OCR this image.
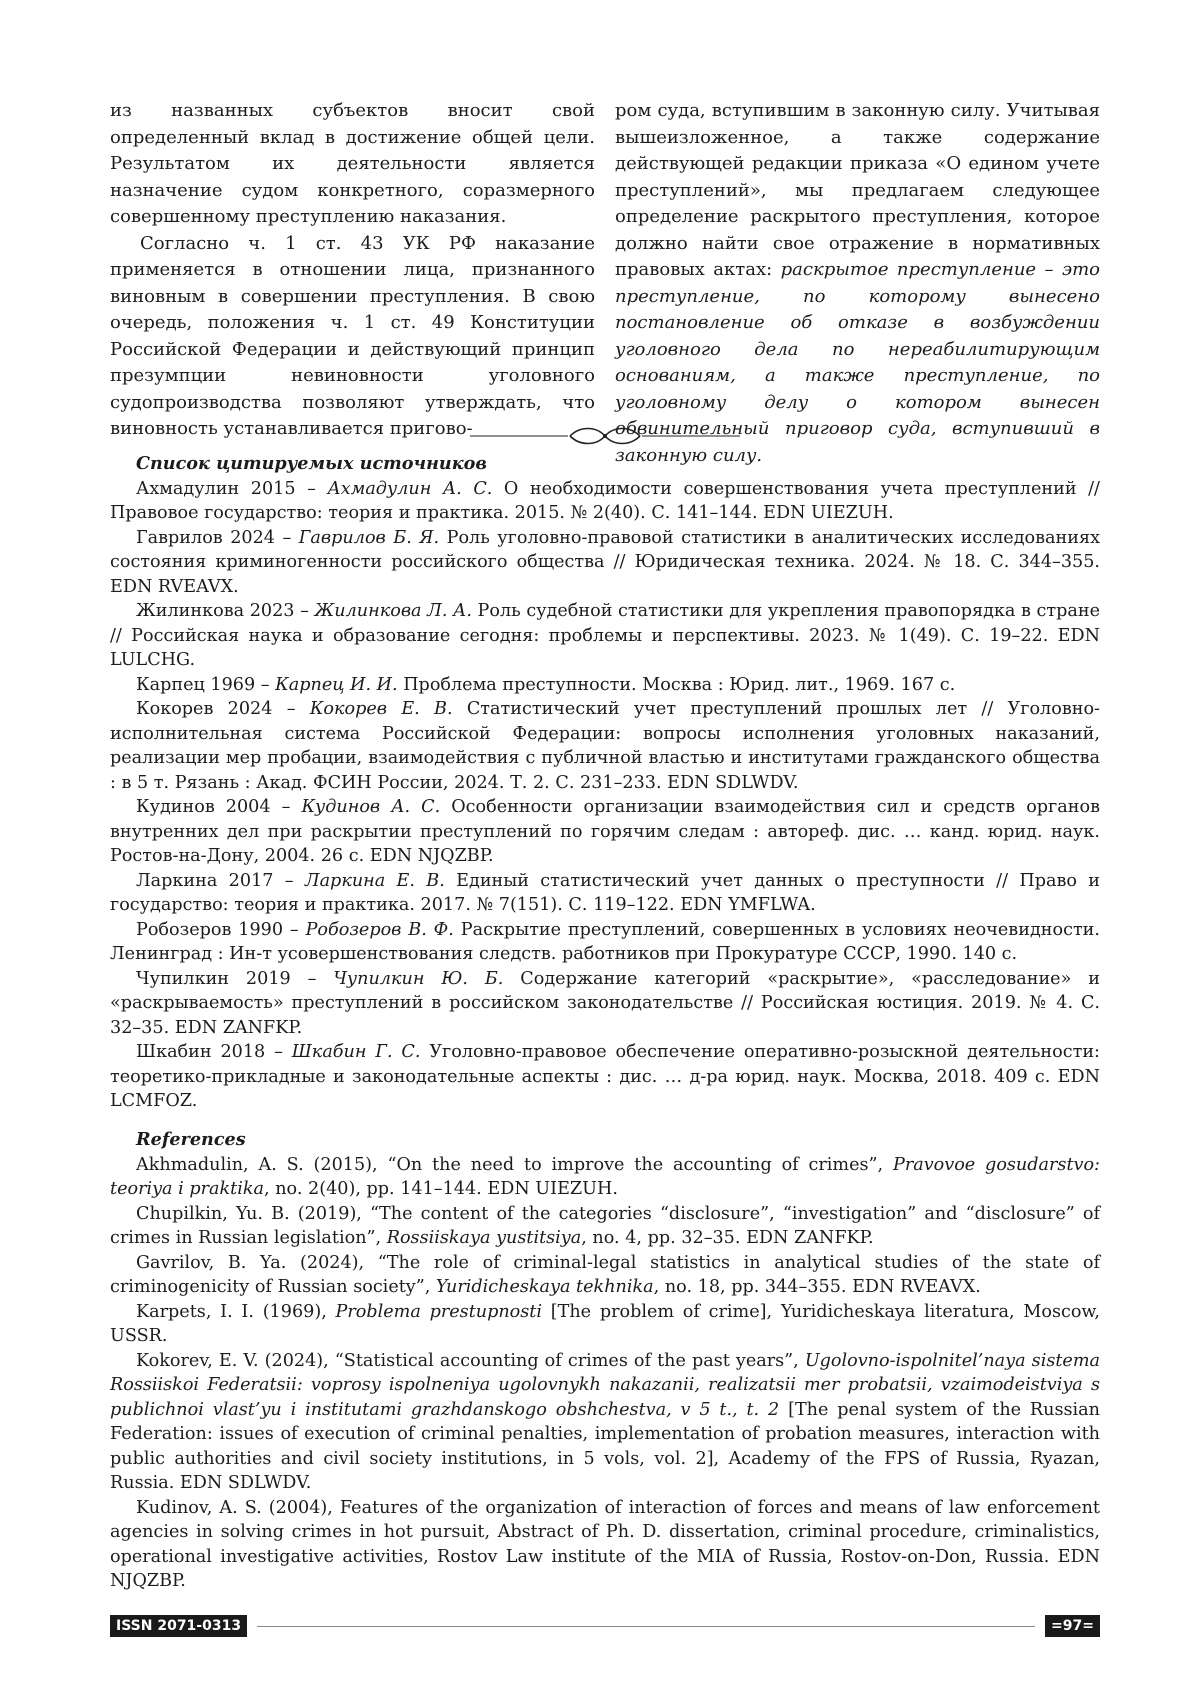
из названных субъектов вносит свой определенный вклад в достижение общей цели. Результатом их деятельности является назначение судом конкретного, соразмерного совершенному преступлению наказания.

Согласно ч. 1 ст. 43 УК РФ наказание применяется в отношении лица, признанного виновным в совершении преступления. В свою очередь, положения ч. 1 ст. 49 Конституции Российской Федерации и действующий принцип презумпции невиновности уголовного судопроизводства позволяют утверждать, что виновность устанавливается пригово-

ром суда, вступившим в законную силу. Учитывая вышеизложенное, а также содержание действующей редакции приказа «О едином учете преступлений», мы предлагаем следующее определение раскрытого преступления, которое должно найти свое отражение в нормативных правовых актах: раскрытое преступление – это преступление, по которому вынесено постановление об отказе в возбуждении уголовного дела по нереабилитирующим основаниям, а также преступление, по уголовному делу о котором вынесен обвинительный приговор суда, вступивший в законную силу.

Список цитируемых источников

Ахмадулин 2015 – Ахмадулин А. С. О необходимости совершенствования учета преступлений // Правовое государство: теория и практика. 2015. № 2(40). С. 141–144. EDN UIEZUH.

Гаврилов 2024 – Гаврилов Б. Я. Роль уголовно-правовой статистики в аналитических исследованиях состояния криминогенности российского общества // Юридическая техника. 2024. № 18. С. 344–355. EDN RVEAVX.

Жилинкова 2023 – Жилинкова Л. А. Роль судебной статистики для укрепления правопорядка в стране // Российская наука и образование сегодня: проблемы и перспективы. 2023. № 1(49). С. 19–22. EDN LULCHG.

Карпец 1969 – Карпец И. И. Проблема преступности. Москва : Юрид. лит., 1969. 167 с.

Кокорев 2024 – Кокорев Е. В. Статистический учет преступлений прошлых лет // Уголовно-исполнительная система Российской Федерации: вопросы исполнения уголовных наказаний, реализации мер пробации, взаимодействия с публичной властью и институтами гражданского общества : в 5 т. Рязань : Акад. ФСИН России, 2024. Т. 2. С. 231–233. EDN SDLWDV.

Кудинов 2004 – Кудинов А. С. Особенности организации взаимодействия сил и средств органов внутренних дел при раскрытии преступлений по горячим следам : автореф. дис. … канд. юрид. наук. Ростов-на-Дону, 2004. 26 с. EDN NJQZBP.

Ларкина 2017 – Ларкина Е. В. Единый статистический учет данных о преступности // Право и государство: теория и практика. 2017. № 7(151). С. 119–122. EDN YMFLWA.

Робозеров 1990 – Робозеров В. Ф. Раскрытие преступлений, совершенных в условиях неочевидности. Ленинград : Ин-т усовершенствования следств. работников при Прокуратуре СССР, 1990. 140 с.

Чупилкин 2019 – Чупилкин Ю. Б. Содержание категорий «раскрытие», «расследование» и «раскрываемость» преступлений в российском законодательстве // Российская юстиция. 2019. № 4. С. 32–35. EDN ZANFKP.

Шкабин 2018 – Шкабин Г. С. Уголовно-правовое обеспечение оперативно-розыскной деятельности: теоретико-прикладные и законодательные аспекты : дис. … д-ра юрид. наук. Москва, 2018. 409 с. EDN LCMFOZ.

References

Akhmadulin, A. S. (2015), “On the need to improve the accounting of crimes”, Pravovoe gosudarstvo: teoriya i praktika, no. 2(40), pp. 141–144. EDN UIEZUH.

Chupilkin, Yu. B. (2019), “The content of the categories “disclosure”, “investigation” and “disclosure” of crimes in Russian legislation”, Rossiiskaya yustitsiya, no. 4, pp. 32–35. EDN ZANFKP.

Gavrilov, B. Ya. (2024), “The role of criminal-legal statistics in analytical studies of the state of criminogenicity of Russian society”, Yuridicheskaya tekhnika, no. 18, pp. 344–355. EDN RVEAVX.

Karpets, I. I. (1969), Problema prestupnosti [The problem of crime], Yuridicheskaya literatura, Moscow, USSR.

Kokorev, E. V. (2024), “Statistical accounting of crimes of the past years”, Ugolovno-ispolnitel’naya sistema Rossiiskoi Federatsii: voprosy ispolneniya ugolovnykh nakazanii, realizatsii mer probatsii, vzaimodeistviya s publichnoi vlast’yu i institutami grazhdanskogo obshchestva, v 5 t., t. 2 [The penal system of the Russian Federation: issues of execution of criminal penalties, implementation of probation measures, interaction with public authorities and civil society institutions, in 5 vols, vol. 2], Academy of the FPS of Russia, Ryazan, Russia. EDN SDLWDV.

Kudinov, A. S. (2004), Features of the organization of interaction of forces and means of law enforcement agencies in solving crimes in hot pursuit, Abstract of Ph. D. dissertation, criminal procedure, criminalistics, operational investigative activities, Rostov Law institute of the MIA of Russia, Rostov-on-Don, Russia. EDN NJQZBP.

ISSN 2071-0313	=97=
